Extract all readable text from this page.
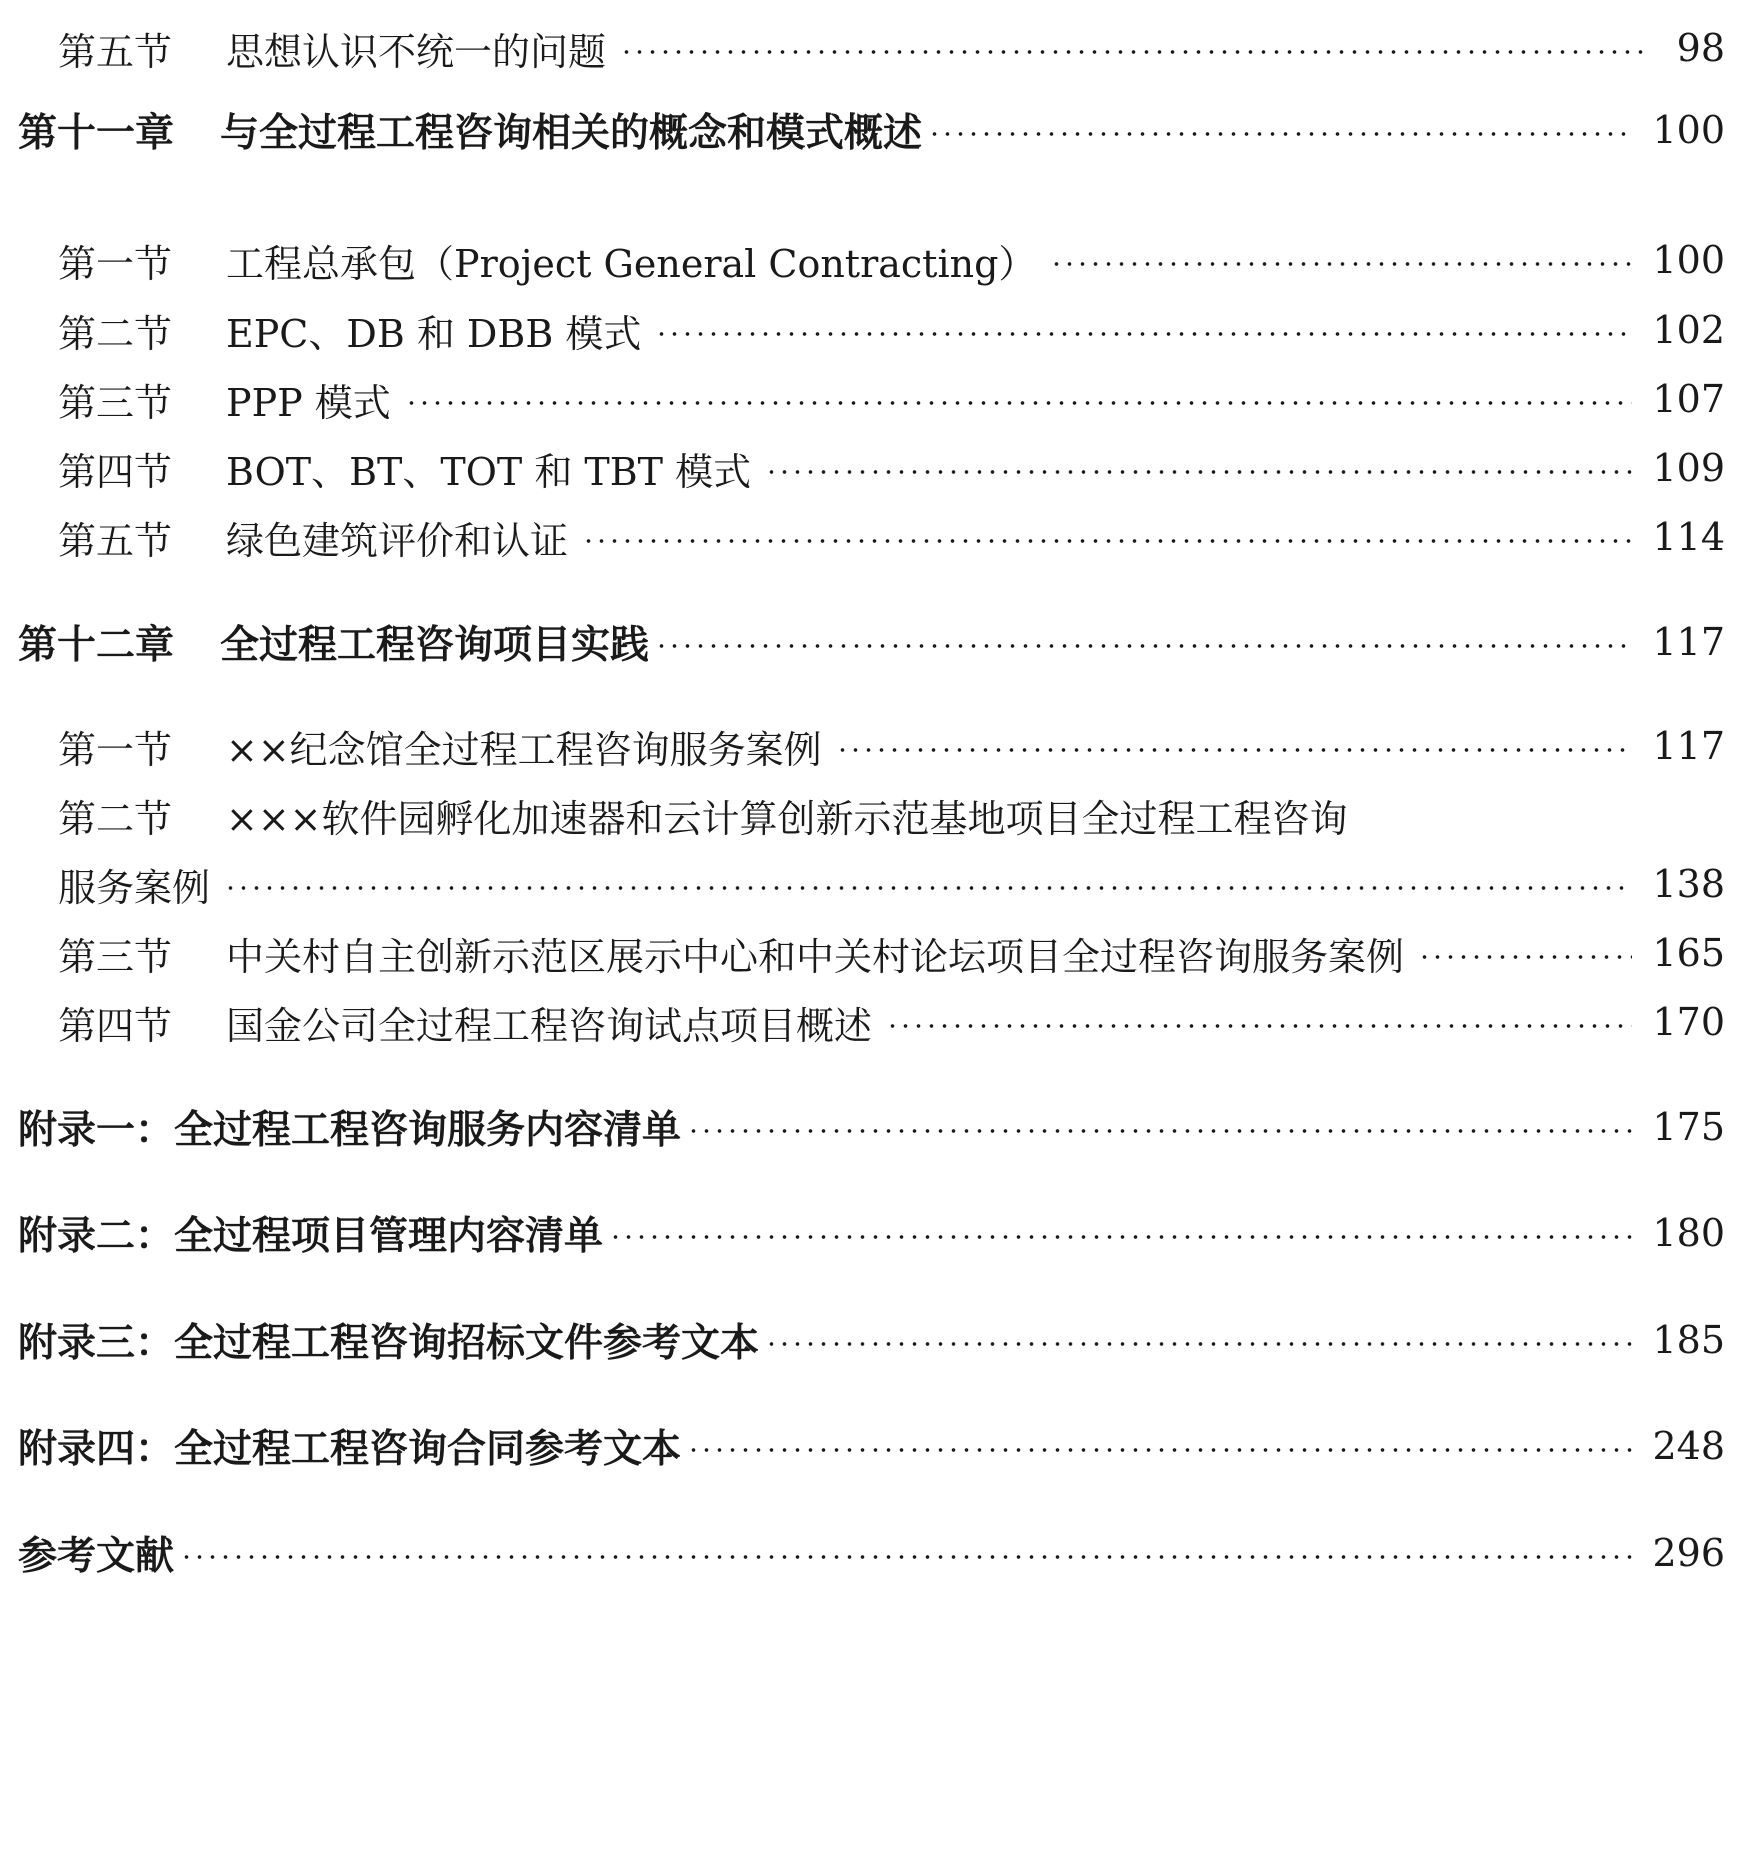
第五节	思想认识不统一的问题	98
第十一章 与全过程工程咨询相关的概念和模式概述	100
第一节	工程总承包（Project General Contracting）	100
第二节	EPC、DB 和 DBB 模式	102
第三节	PPP 模式	107
第四节	BOT、BT、TOT 和 TBT 模式	109
第五节	绿色建筑评价和认证	114
第十二章 全过程工程咨询项目实践	117
第一节	××纪念馆全过程工程咨询服务案例	117
第二节	×××软件园孵化加速器和云计算创新示范基地项目全过程工程咨询
服务案例	138
第三节	中关村自主创新示范区展示中心和中关村论坛项目全过程咨询服务案例	165
第四节	国金公司全过程工程咨询试点项目概述	170
附录一：全过程工程咨询服务内容清单	175
附录二：全过程项目管理内容清单	180
附录三：全过程工程咨询招标文件参考文本	185
附录四：全过程工程咨询合同参考文本	248
参考文献	296
